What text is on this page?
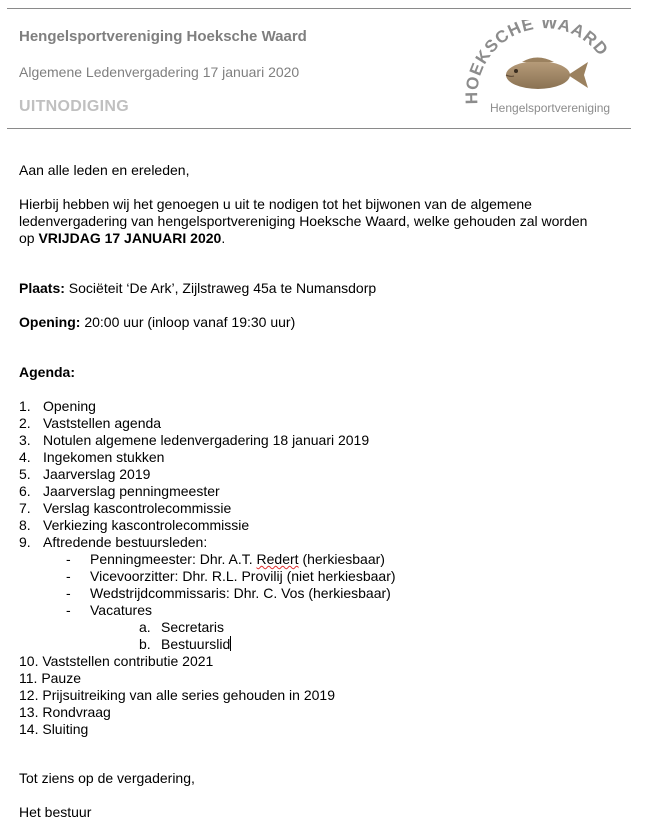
Hengelsportvereniging Hoeksche Waard
Algemene Ledenvergadering 17 januari 2020
UITNODIGING
HOEKSCHE WAARD
Hengelsportvereniging
Aan alle leden en ereleden,
Hierbij hebben wij het genoegen u uit te nodigen tot het bijwonen van de algemene
ledenvergadering van hengelsportvereniging Hoeksche Waard, welke gehouden zal worden
op VRIJDAG 17 JANUARI 2020.
Plaats: Sociëteit ‘De Ark’, Zijlstraweg 45a te Numansdorp
Opening: 20:00 uur (inloop vanaf 19:30 uur)
Agenda:
1. Opening
2. Vaststellen agenda
3. Notulen algemene ledenvergadering 18 januari 2019
4. Ingekomen stukken
5. Jaarverslag 2019
6. Jaarverslag penningmeester
7. Verslag kascontrolecommissie
8. Verkiezing kascontrolecommissie
9. Aftredende bestuursleden:
- Penningmeester: Dhr. A.T. Redert (herkiesbaar)
- Vicevoorzitter: Dhr. R.L. Provilij (niet herkiesbaar)
- Wedstrijdcommissaris: Dhr. C. Vos (herkiesbaar)
- Vacatures
a. Secretaris
b. Bestuurslid
10. Vaststellen contributie 2021
11. Pauze
12. Prijsuitreiking van alle series gehouden in 2019
13. Rondvraag
14. Sluiting
Tot ziens op de vergadering,
Het bestuur
